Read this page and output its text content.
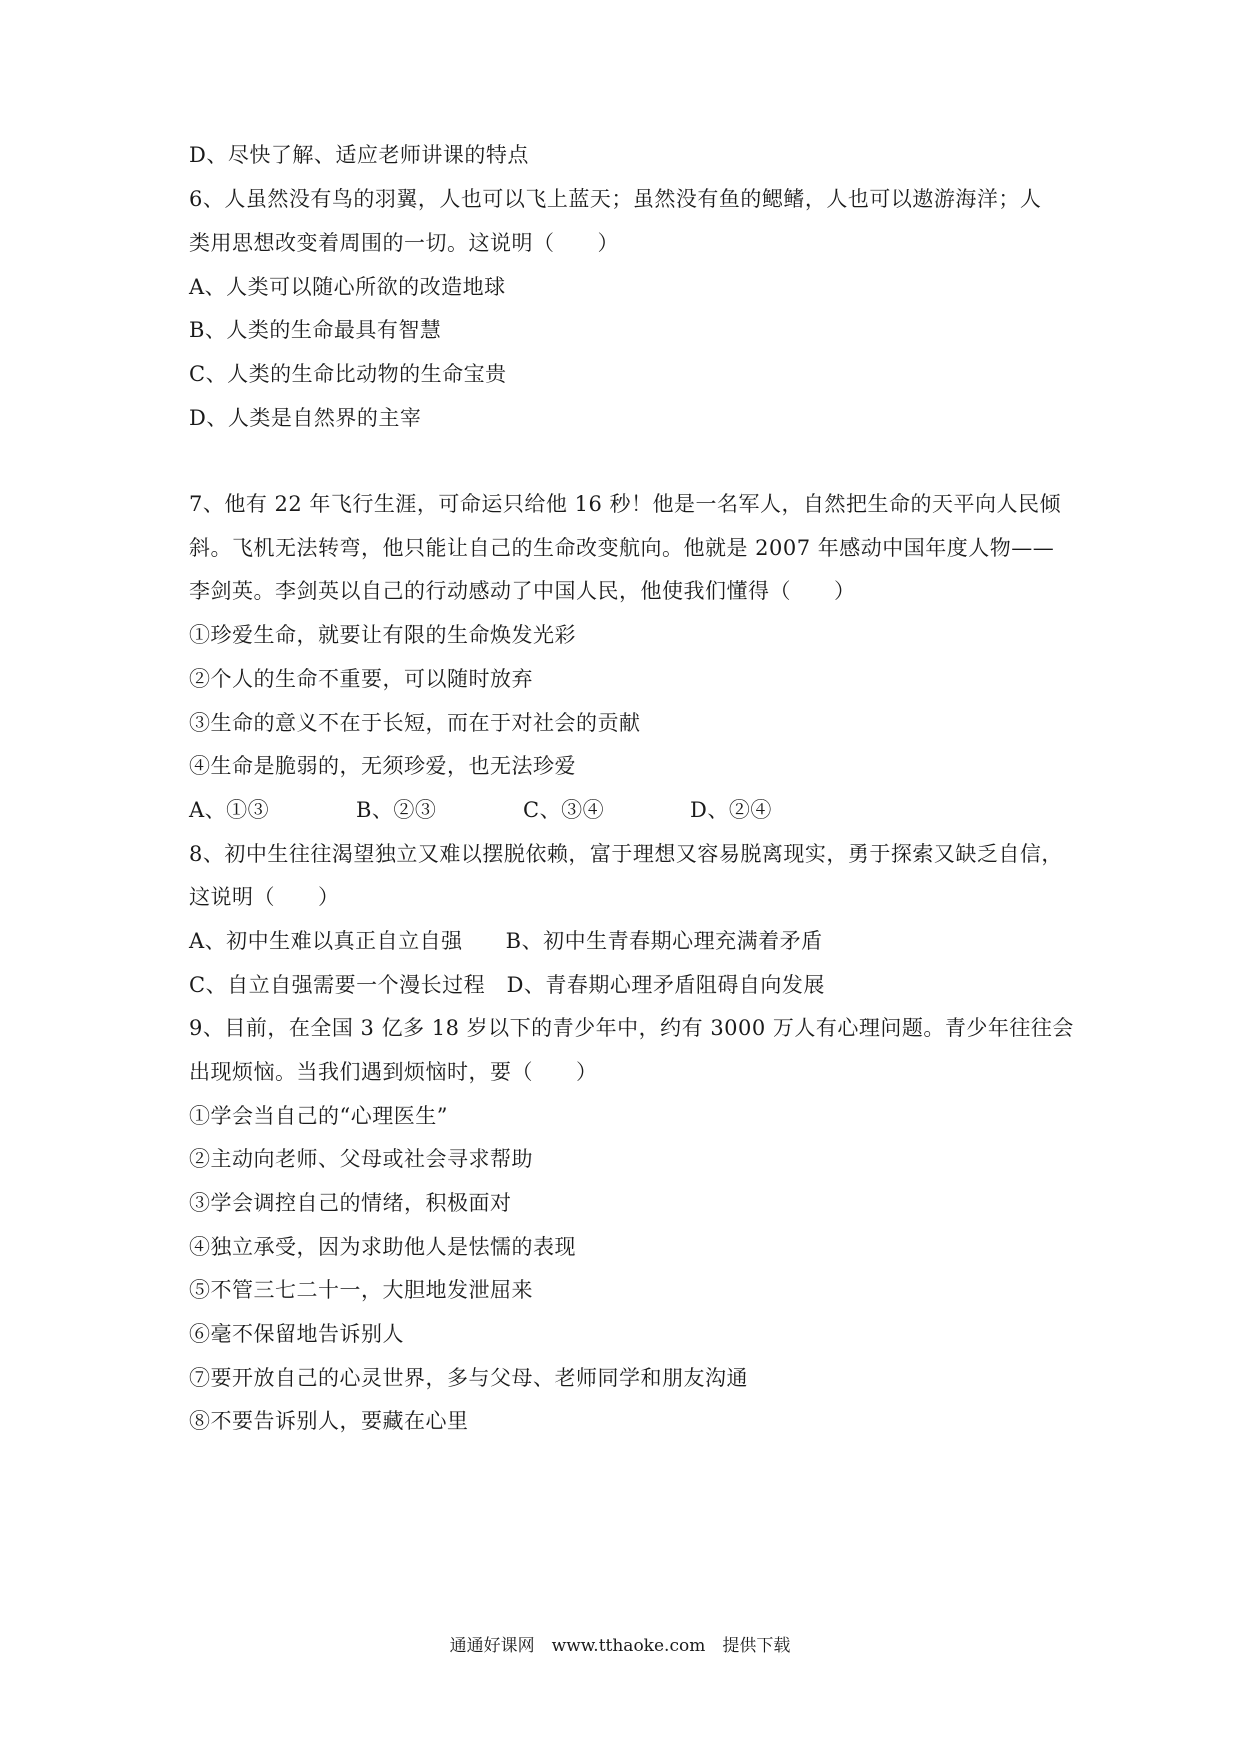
D、尽快了解、适应老师讲课的特点
6、人虽然没有鸟的羽翼，人也可以飞上蓝天；虽然没有鱼的鳃鳍，人也可以遨游海洋；人
类用思想改变着周围的一切。这说明（　　）
A、人类可以随心所欲的改造地球
B、人类的生命最具有智慧
C、人类的生命比动物的生命宝贵
D、人类是自然界的主宰
7、他有 22 年飞行生涯，可命运只给他 16 秒！他是一名军人，自然把生命的天平向人民倾
斜。飞机无法转弯，他只能让自己的生命改变航向。他就是 2007 年感动中国年度人物——
李剑英。李剑英以自己的行动感动了中国人民，他使我们懂得（　　）
①珍爱生命，就要让有限的生命焕发光彩
②个人的生命不重要，可以随时放弃
③生命的意义不在于长短，而在于对社会的贡献
④生命是脆弱的，无须珍爱，也无法珍爱
A、①③	B、②③	C、③④	D、②④
8、初中生往往渴望独立又难以摆脱依赖，富于理想又容易脱离现实，勇于探索又缺乏自信，
这说明（　　）
A、初中生难以真正自立自强　　B、初中生青春期心理充满着矛盾
C、自立自强需要一个漫长过程　D、青春期心理矛盾阻碍自向发展
9、目前，在全国 3 亿多 18 岁以下的青少年中，约有 3000 万人有心理问题。青少年往往会
出现烦恼。当我们遇到烦恼时，要（　　）
①学会当自己的“心理医生”
②主动向老师、父母或社会寻求帮助
③学会调控自己的情绪，积极面对
④独立承受，因为求助他人是怯懦的表现
⑤不管三七二十一，大胆地发泄屈来
⑥毫不保留地告诉别人
⑦要开放自己的心灵世界，多与父母、老师同学和朋友沟通
⑧不要告诉别人，要藏在心里
通通好课网　www.tthaoke.com　提供下载
